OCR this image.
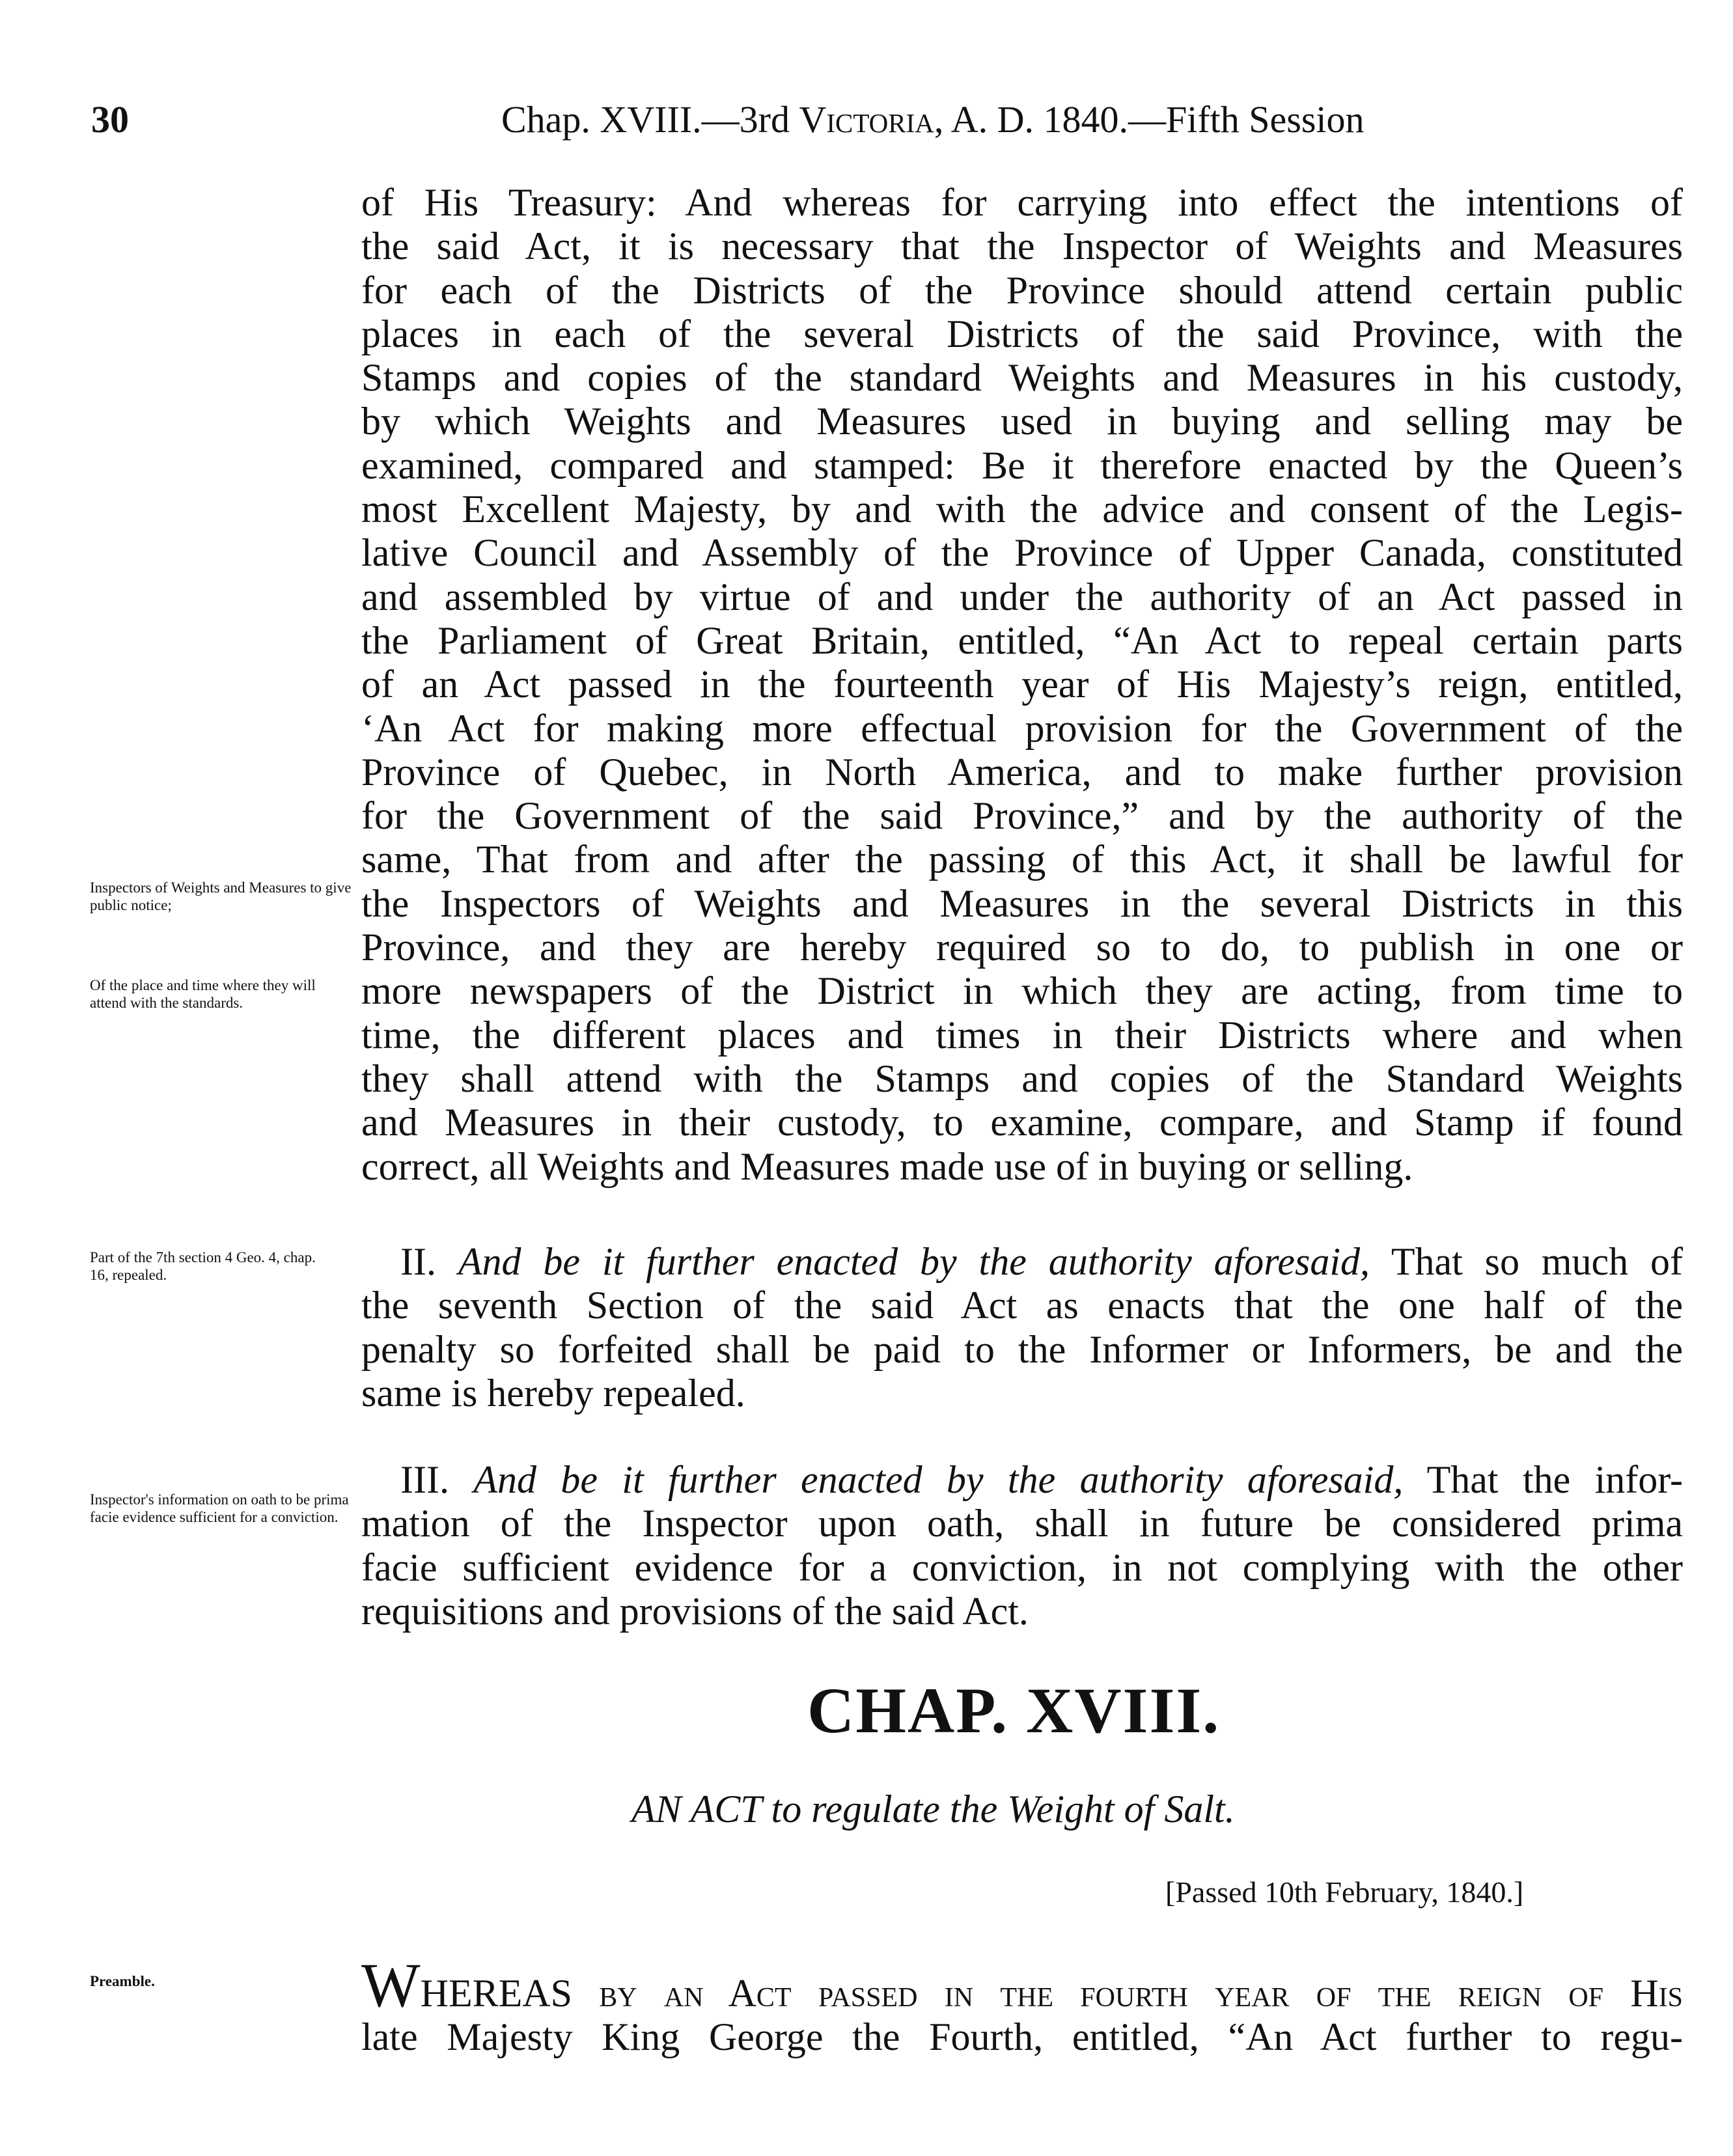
30	Chap. XVIII.—3rd Victoria, A. D. 1840.—Fifth Session

of His Treasury: And whereas for carrying into effect the intentions of

the said Act, it is necessary that the Inspector of Weights and Measures

for each of the Districts of the Province should attend certain public

places in each of the several Districts of the said Province, with the

Stamps and copies of the standard Weights and Measures in his custody,

by which Weights and Measures used in buying and selling may be

examined, compared and stamped: Be it therefore enacted by the Queen’s

most Excellent Majesty, by and with the advice and consent of the Legis-

lative Council and Assembly of the Province of Upper Canada, constituted

and assembled by virtue of and under the authority of an Act passed in

the Parliament of Great Britain, entitled, “An Act to repeal certain parts

of an Act passed in the fourteenth year of His Majesty’s reign, entitled,

‘An Act for making more effectual provision for the Government of the

Province of Quebec, in North America, and to make further provision

for the Government of the said Province,” and by the authority of the

same, That from and after the passing of this Act, it shall be lawful for

the Inspectors of Weights and Measures in the several Districts in this

Province, and they are hereby required so to do, to publish in one or

more newspapers of the District in which they are acting, from time to

time, the different places and times in their Districts where and when

they shall attend with the Stamps and copies of the Standard Weights

and Measures in their custody, to examine, compare, and Stamp if found

correct, all Weights and Measures made use of in buying or selling.

II. And be it further enacted by the authority aforesaid, That so much of

the seventh Section of the said Act as enacts that the one half of the

penalty so forfeited shall be paid to the Informer or Informers, be and the

same is hereby repealed.

III. And be it further enacted by the authority aforesaid, That the infor-

mation of the Inspector upon oath, shall in future be considered prima

facie sufficient evidence for a conviction, in not complying with the other

requisitions and provisions of the said Act.

CHAP. XVIII.
AN ACT to regulate the Weight of Salt.
[Passed 10th February, 1840.]

WHEREAS by an Act passed in the fourth year of the reign of His

late Majesty King George the Fourth, entitled, “An Act further to regu-

Inspectors of Weights and Measures to give public notice;
Of the place and time where they will attend with the standards.
Part of the 7th section 4 Geo. 4, chap. 16, repealed.
Inspector's information on oath to be prima facie evidence sufficient for a conviction.
Preamble.
